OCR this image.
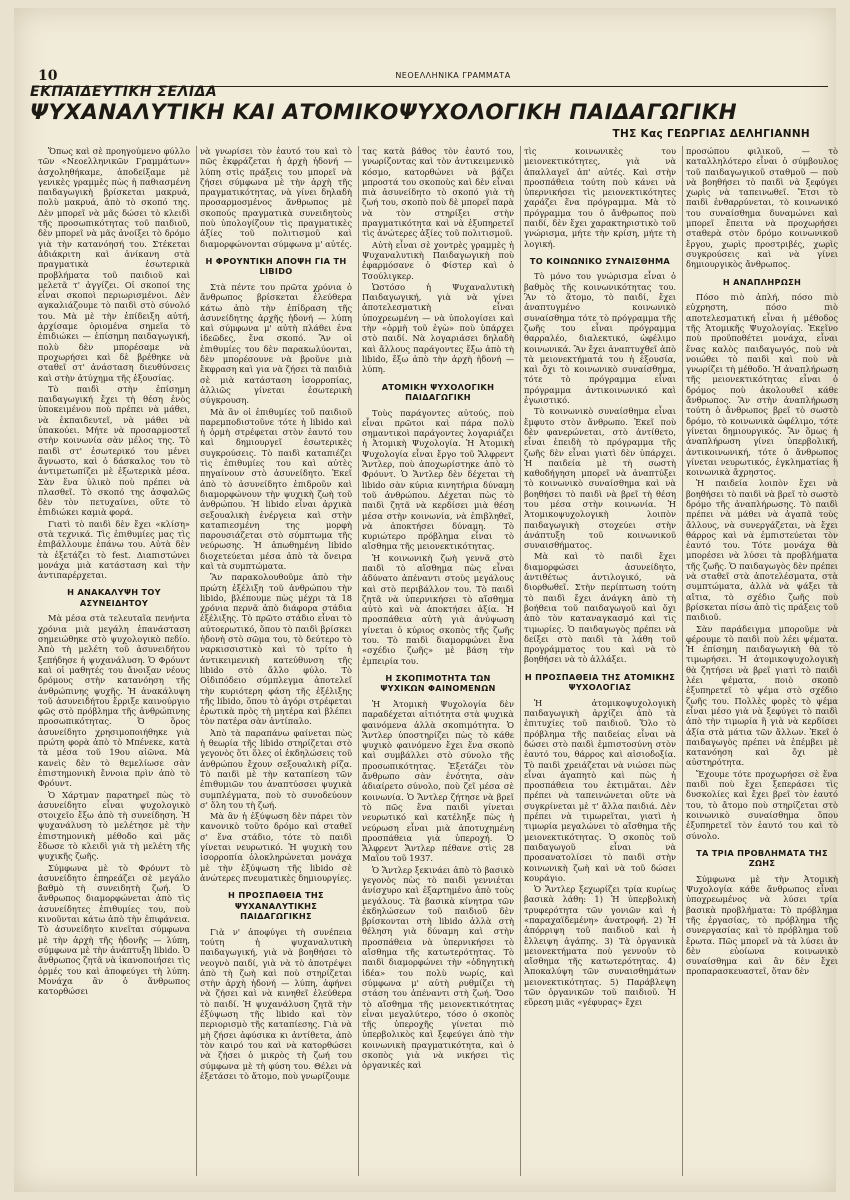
10	ΝΕΟΕΛΛΗΝΙΚΑ ΓΡΑΜΜΑΤΑ
ΕΚΠΑΙΔΕΥΤΙΚΗ ΣΕΛΙΔΑ
ΨΥΧΑΝΑΛΥΤΙΚΗ ΚΑΙ ΑΤΟΜΙΚΟΨΥΧΟΛΟΓΙΚΗ ΠΑΙΔΑΓΩΓΙΚΗ
ΤΗΣ Κας ΓΕΩΡΓΙΑΣ ΔΕΛΗΓΙΑΝΝΗ
Ὅπως καὶ σὲ προηγούμενο φύλλο τῶν «Νεοελληνικῶν Γραμμάτων» ἀσχοληθήκαμε, ἀποδείξαμε μὲ γενικὲς γραμμὲς πὼς ἡ παθιασμένη παιδαγωγικὴ βρίσκεται μακρυά, πολὺ μακρυά, ἀπὸ τὸ σκοπό της. Δὲν μπορεῖ νὰ μᾶς δώσει τὸ κλειδὶ τῆς προσωπικότητας τοῦ παιδιοῦ, δὲν μπορεῖ νὰ μᾶς ἀνοίξει τὸ δρόμο γιὰ τὴν κατανόησή του. Στέκεται ἀδιάκριτη καὶ ἀνίκανη στὰ πραγματικὰ ἐσωτερικὰ προβλήματα τοῦ παιδιοῦ καὶ μελετᾶ τ' ἀγγίζει. Οἱ σκοποί της εἶναι σκοποὶ περιωρισμένοι. Δὲν αγκαλιάζουμε τὸ παιδὶ στὸ σύνολό του. Μὰ μὲ τὴν ἐπίδειξη αὐτή, ἀρχίσαμε ὁριομένα σημεῖα τὸ ἐπιδιώκει — ἐπίσημη παιδαγωγική, πολὺ δὲν μπορέσαμε νὰ προχωρήσει καὶ δὲ βρέθηκε νὰ σταθεῖ στ' ἀνάσταση διευθύνσεις καὶ στὴν ἀτύχημα τῆς ἐξουσίας.
Τὸ παιδὶ στὴν ἐπίσημη παιδαγωγική ἔχει τὴ θέση ἑνὸς ὑποκειμένου ποὺ πρέπει νὰ μάθει, νὰ ἐκπαιδευτεῖ, νὰ μάθει νὰ ὑπακούει. Μήτε νὰ προσαρμοστεῖ στὴν κοινωνία σὰν μέλος της. Τὸ παιδὶ στ' ἐσωτερικό του μένει ἄγνωστο, καὶ ὁ δάσκαλος του τὸ ἀντιμετωπίζει μὲ ἐξωτερικὰ μέσα. Σὰν ἕνα ὑλικὸ ποὺ πρέπει νὰ πλασθεῖ. Τὸ σκοπό της ἀσφαλῶς δὲν τὸν πετυχαίνει, οὔτε τὸ ἐπιδιώκει καμιὰ φορά.
Γιατὶ τὸ παιδὶ δὲν ἔχει «κλίση» στὰ τεχνικά. Τὶς ἐπιθυμίες μας τὶς ἐπιβάλλουμε ἐπάνω του. Αὐτὰ δὲν τὰ ἐξετάζει τὸ fest. Διαπιστώνει μονάχα μιὰ κατάσταση καὶ τὴν ἀντιπαρέρχεται.
Η ΑΝΑΚΑΛΥΨΗ ΤΟΥ ΑΣΥΝΕΙΔΗΤΟΥ
Μὰ μέσα στὰ τελευταῖα πενήντα χρόνια μιὰ μεγάλη ἐπανάσταση σημειώθηκε στὸ ψυχολογικὸ πεδίο. Ἀπὸ τὴ μελέτη τοῦ ἀσυνειδήτου ξεπήδησε ἡ ψυχανάλυση. Ὁ Φρόυντ καὶ οἱ μαθητές του ἄνοιξαν νέους δρόμους στὴν κατανόηση τῆς ἀνθρώπινης ψυχῆς. Ἡ ἀνακάλυψη τοῦ ἀσυνειδήτου ἔρριξε καινούργιο φῶς στὸ πρόβλημα τῆς ἀνθρώπινης προσωπικότητας. Ὁ ὅρος ἀσυνείδητο χρησιμοποιήθηκε γιὰ πρώτη φορὰ ἀπὸ τὸ Μπένεκε, κατὰ τὰ μέσα τοῦ 19ου αἰῶνα. Μὰ κανεὶς δὲν τὸ θεμελίωσε σὰν ἐπιστημονικὴ ἔννοια πρὶν ἀπὸ τὸ Φρόυντ.
Ὁ Χάρτμαν παρατηρεῖ πὼς τὸ ἀσυνείδητο εἶναι ψυχολογικὸ στοιχεῖο ἔξω ἀπὸ τὴ συνείδηση. Ἡ ψυχανάλυση τὸ μελέτησε μὲ τὴν ἐπιστημονικὴ μέθοδο καὶ μᾶς ἔδωσε τὸ κλειδὶ γιὰ τὴ μελέτη τῆς ψυχικῆς ζωῆς.
Σύμφωνα μὲ τὸ Φρόυντ τὸ ἀσυνείδητο ἐπηρεάζει σὲ μεγάλο βαθμὸ τὴ συνειδητὴ ζωή. Ὁ ἄνθρωπος διαμορφώνεται ἀπὸ τὶς ἀσυνείδητες ἐπιθυμίες του, ποὺ κινοῦνται κάτω ἀπὸ τὴν ἐπιφάνεια. Τὸ ἀσυνείδητο κινεῖται σύμφωνα μὲ τὴν ἀρχὴ τῆς ἡδονῆς — λύπη, σύμφωνα μὲ τὴν ἀνάπτυξη libido. Ὁ ἄνθρωπος ζητᾶ νὰ ἱκανοποιήσει τὶς ὁρμές του καὶ ἀποφεύγει τὴ λύπη. Μονάχα ἂν ὁ ἄνθρωπος κατορθώσει
νὰ γνωρίσει τὸν ἑαυτό του καὶ τὸ πῶς ἐκφράζεται ἡ ἀρχὴ ἡδονή — λύπη στὶς πράξεις του μπορεῖ νὰ ζήσει σύμφωνα μὲ τὴν ἀρχὴ τῆς πραγματικότητας, νὰ γίνει δηλαδὴ προσαρμοσμένος ἄνθρωπος μὲ σκοπούς πραγματικὰ συνειδητοὺς ποὺ ὑπολογίζουν τὶς πραγματικὲς ἀξίες τοῦ πολιτισμοῦ καὶ διαμορφώνονται σύμφωνα μ' αὐτές.
Η ΦΡΟΥΝΤΙΚΗ ΑΠΟΨΗ ΓΙΑ ΤΗ LIBIDO
Στὰ πέντε του πρῶτα χρόνια ὁ ἄνθρωπος βρίσκεται ἐλεύθερα κάτω ἀπὸ τὴν ἐπίδραση τῆς ἀσυνείδητης ἀρχῆς ἡδονή — λύπη καὶ σύμφωνα μ' αὐτὴ πλάθει ἐνα ἰδεῶδες, ἕνα σκοπό. Ἂν οἱ ἐπιθυμίες του δὲν παρακωλύονται, δὲν μπορέσουνε νὰ βροῦνε μιὰ ἔκφραση καὶ για νὰ ζήσει τὰ παιδιὰ σὲ μιὰ κατάσταση ἰσορροπίας, ἀλλιῶς γίνεται ἐσωτερικὴ σύγκρουση.
Μὰ ἂν οἱ ἐπιθυμίες τοῦ παιδιοῦ παρεμποδιστοῦνε τότε ἡ libido καὶ ἡ ὁρμὴ στρέφεται στὸν ἑαυτό του καὶ δημιουργεῖ ἐσωτερικὲς συγκρούσεις. Τὸ παιδὶ καταπιέζει τὶς ἐπιθυμίες του καὶ αὐτὲς πηγαίνουν στὸ ἀσυνείδητο. Ἐκεῖ ἀπὸ τὸ ἀσυνείδητο ἐπιδροῦν καὶ διαμορφώνουν τὴν ψυχικὴ ζωὴ τοῦ ἀνθρώπου. Ἡ libido εἶναι ἀρχικὰ σεξουαλικὴ ἐνέργεια καὶ στὴν καταπιεσμένη της μορφὴ παρουσιάζεται στὸ σύμπτωμα τῆς νεύρωσης. Ἡ ἀπωθημένη libido διοχετεύεται μέσα ἀπὸ τὰ ὄνειρα καὶ τὰ συμπτώματα.
Ἂν παρακολουθοῦμε ἀπὸ τὴν πρώτη ἐξέλιξη τοῦ ἀνθρώπου τὴν libido, βλέπουμε πὼς μέχρι τὰ 18 χρόνια περνᾶ ἀπὸ διάφορα στάδια ἐξέλιξης. Τὸ πρῶτο στάδιο εἶναι τὸ αὐτοερωτικό, ὅπου τὸ παιδὶ βρίσκει ἡδονὴ στὸ σῶμα του, τὸ δεύτερο τὸ ναρκισσιστικὸ καὶ τὸ τρίτο ἡ ἀντικειμενικὴ κατεύθυνση τῆς libido στὸ ἄλλο φύλο. Τὸ Οἰδιπόδειο σύμπλεγμα ἀποτελεῖ τὴν κυριότερη φάση τῆς ἐξέλιξης τῆς libido, ὅπου τὸ ἀγόρι στρέφεται ἐρωτικὰ πρὸς τὴ μητέρα καὶ βλέπει τὸν πατέρα σὰν ἀντίπαλο.
Ἀπὸ τὰ παραπάνω φαίνεται πὼς ἡ θεωρία τῆς libido στηρίζεται στὸ γεγονὸς ὅτι ὅλες οἱ ἐκδηλώσεις τοῦ ἀνθρώπου ἔχουν σεξουαλικὴ ρίζα. Τὸ παιδὶ μὲ τὴν καταπίεση τῶν ἐπιθυμιῶν του ἀναπτύσσει ψυχικὰ συμπλέγματα, ποὺ τὸ συνοδεύουν σ' ὅλη του τὴ ζωή.
Μὰ ἂν ἡ ἐξύψωση δὲν πάρει τὸν κανονικὸ τοῦτο δρόμο καὶ σταθεῖ σ' ἕνα στάδιο, τότε τὸ παιδὶ γίνεται νευρωτικό. Ἡ ψυχικὴ του ἰσορροπία ὁλοκληρώνεται μονάχα μὲ τὴν ἐξύψωση τῆς libido σὲ ἀνώτερες πνευματικὲς δημιουργίες.
Η ΠΡΟΣΠΑΘΕΙΑ ΤΗΣ ΨΥΧΑΝΑΛΥΤΙΚΗΣ ΠΑΙΔΑΓΩΓΙΚΗΣ
Γιὰ ν' ἀποφύγει τὴ συνέπεια τούτη ἡ ψυχαναλυτικὴ παιδαγωγική, γιὰ νὰ βοηθήσει τὸ νεογνὸ παιδί, γιὰ νὰ τὸ ἀποτρέψει ἀπὸ τὴ ζωὴ καὶ ποὺ στηρίζεται στὴν ἀρχὴ ἡδονή — λύπη, ἀφήνει νὰ ζήσει καὶ νὰ κινηθεῖ ἐλεύθερα τὸ παιδί. Ἡ ψυχανάλυση ζητᾶ τὴν ἐξύψωση τῆς libido καὶ τὸν περιορισμὸ τῆς καταπίεσης. Γιὰ νὰ μὴ ζήσει ἀφύσικα κι ἀντίθετα, ἀπὸ τὸν καιρό του καὶ νὰ κατορθώσει νὰ ζήσει ὁ μικρὸς τὴ ζωή του σύμφωνα μὲ τὴ φύση του. Θέλει νὰ ἐξετάσει τὸ ἄτομο, ποὺ γνωρίζουμε
τας κατὰ βάθος τὸν ἑαυτό του, γνωρίζοντας καὶ τὸν ἀντικειμενικὸ κόσμο, κατορθώνει νὰ βάζει μπροστά του σκοποὺς καὶ δὲν εἶναι πιὰ ἀσυνείδητο τὸ σκοπό γιὰ τὴ ζωή του, σκοπὸ ποὺ δὲ μπορεῖ παρὰ νὰ τὸν στηρίξει στὴν πραγματικότητα καὶ νὰ ἐξυπηρετεῖ τὶς ἀνώτερες ἀξίες τοῦ πολιτισμοῦ.
Αὐτὴ εἶναι σὲ χοντρὲς γραμμὲς ἡ Ψυχαναλυτικὴ Παιδαγωγικὴ ποὺ ἐφαρμόσανε ὁ Φίστερ καὶ ὁ Τσούλιγκερ.
Ὡστόσο ἡ Ψυχαναλυτικὴ Παιδαγωγική, γιὰ νὰ γίνει ἀποτελεσματικὴ εἶναι ὑποχρεωμένη — νὰ ὑπολογίσει καὶ τὴν «ὁρμὴ τοῦ ἐγὼ» ποὺ ὑπάρχει στὸ παιδί. Νὰ λογαριάσει δηλαδὴ καὶ ἄλλους παράγοντες ἔξω ἀπὸ τὴ libido, ἔξω ἀπὸ τὴν ἀρχὴ ἡδονή — λύπη.
ΑΤΟΜΙΚΗ ΨΥΧΟΛΟΓΙΚΗ ΠΑΙΔΑΓΩΓΙΚΗ
Τοὺς παράγοντες αὐτούς, ποὺ εἶναι πρῶτοι καὶ πάρα πολὺ σημαντικοὶ παράγοντες λογαριάζει ἡ Ἀτομικὴ Ψυχολογία. Ἡ Ἀτομικὴ Ψυχολογία εἶναι ἔργο τοῦ Ἄλφρεντ Ἄντλερ, ποὺ ἀποχωρίστηκε ἀπὸ τὸ Φρόυντ. Ὁ Ἄντλερ δὲν δέχεται τὴ libido σὰν κύρια κινητήρια δύναμη τοῦ ἀνθρώπου. Δέχεται πὼς τὸ παιδὶ ζητᾶ νὰ κερδίσει μιὰ θέση μέσα στὴν κοινωνία, νὰ ἐπιβληθεῖ, νὰ ἀποκτήσει δύναμη. Τὸ κυριώτερο πρόβλημα εἶναι τὸ αἴσθημα τῆς μειονεκτικότητας.
Ἡ κοινωνικὴ ζωὴ γεννᾶ στὸ παιδὶ τὸ αἴσθημα πὼς εἶναι ἀδύνατο ἀπέναντι στοὺς μεγάλους καὶ στὸ περιβάλλον του. Τὸ παιδὶ ζητᾶ νὰ ὑπερνικήσει τὸ αἴσθημα αὐτὸ καὶ νὰ ἀποκτήσει ἀξία. Ἡ προσπάθεια αὐτὴ γιὰ ἀνύψωση γίνεται ὁ κύριος σκοπὸς τῆς ζωῆς του. Τὸ παιδὶ διαμορφώνει ἕνα «σχέδιο ζωῆς» μὲ βάση τὴν ἐμπειρία του.
Η ΣΚΟΠΙΜΟΤΗΤΑ ΤΩΝ ΨΥΧΙΚΩΝ ΦΑΙΝΟΜΕΝΩΝ
Ἡ Ἀτομικὴ Ψυχολογία δὲν παραδέχεται αἰτιότητα στὰ ψυχικὰ φαινόμενα ἀλλὰ σκοπιμότητα. Ὁ Ἄντλερ ὑποστηρίζει πὼς τὸ κάθε ψυχικὸ φαινόμενο ἔχει ἕνα σκοπὸ καὶ συμβάλλει στὸ σύνολο τῆς προσωπικότητας. Ἐξετάζει τὸν ἄνθρωπο σὰν ἑνότητα, σὰν ἀδιαίρετο σύνολο, ποὺ ζεῖ μέσα σὲ κοινωνία. Ὁ Ἄντλερ ζήτησε νὰ βρεῖ τὸ πῶς ἕνα παιδὶ γίνεται νευρωτικό καὶ κατέληξε πὼς ἡ νεύρωση εἶναι μιὰ ἀποτυχημένη προσπάθεια γιὰ ὑπεροχή. Ὁ Ἄλφρεντ Ἄντλερ πέθανε στὶς 28 Μαΐου τοῦ 1937.
Ὁ Ἄντλερ ξεκινάει ἀπὸ τὸ βασικὸ γεγονὸς πὼς τὸ παιδὶ γεννιέται ἀνίσχυρο καὶ ἐξαρτημένο ἀπὸ τοὺς μεγάλους. Τὰ βασικὰ κίνητρα τῶν ἐκδηλώσεων τοῦ παιδιοῦ δὲν βρίσκονται στὴ libido ἀλλὰ στὴ θέληση γιὰ δύναμη καὶ στὴν προσπάθεια νὰ ὑπερνικήσει τὸ αἴσθημα τῆς κατωτερότητας. Τὸ παιδὶ διαμορφώνει τὴν «ὁδηγητικὴ ἰδέα» του πολὺ νωρίς, καὶ σύμφωνα μ' αὐτὴ ρυθμίζει τὴ στάση του ἀπέναντι στὴ ζωή. Ὅσο τὸ αἴσθημα τῆς μειονεκτικότητας εἶναι μεγαλύτερο, τόσο ὁ σκοπὸς τῆς ὑπεροχῆς γίνεται πιὸ ὑπερβολικὸς καὶ ξεφεύγει ἀπὸ τὴν κοινωνικὴ πραγματικότητα, καὶ ὁ σκοπὸς γιὰ νὰ νικήσει τὶς ὀργανικές καὶ
τὶς κοινωνικὲς του μειονεκτικότητες, γιὰ νὰ ἀπαλλαγεῖ ἀπ' αὐτές. Καὶ στὴν προσπάθεια τούτη ποὺ κάνει νὰ ὑπερνικήσει τὶς μειονεκτικότητες χαράζει ἕνα πρόγραμμα. Μὰ τὸ πρόγραμμα του ὁ ἄνθρωπος ποὺ παιδί, δὲν ἔχει χαρακτηριστικὸ τοῦ γνώρισμα, μήτε τὴν κρίση, μήτε τὴ λογική.
ΤΟ ΚΟΙΝΩΝΙΚΟ ΣΥΝΑΙΣΘΗΜΑ
Τὸ μόνο του γνώρισμα εἶναι ὁ βαθμὸς τῆς κοινωνικότητας του. Ἂν τὸ ἄτομο, τὸ παιδί, ἔχει ἀναπτυγμένο κοινωνικὸ συναίσθημα τότε τὸ πρόγραμμα τῆς ζωῆς του εἶναι πρόγραμμα θαρραλέο, διαλεκτικό, ὠφέλιμο κοινωνικά. Ἂν ἔχει ἀναπτυχθεῖ ἀπὸ τὰ μειονεκτήματά του ἡ ἐξουσία, καὶ ὄχι τὸ κοινωνικὸ συναίσθημα, τότε τὸ πρόγραμμα εἶναι πρόγραμμα ἀντικοινωνικό καὶ ἐγωιστικό.
Τὸ κοινωνικὸ συναίσθημα εἶναι ἔμφυτο στὸν ἄνθρωπο. Ἐκεῖ ποὺ δὲν φανερώνεται, στὸ ἀντίθετο, εἶναι ἐπειδὴ τὸ πρόγραμμα τῆς ζωῆς δὲν εἶναι γιατὶ δὲν ὑπάρχει. Ἡ παιδεία μὲ τὴ σωστὴ καθοδήγηση μπορεῖ νὰ ἀναπτύξει τὸ κοινωνικὸ συναίσθημα καὶ νὰ βοηθήσει τὸ παιδὶ νὰ βρεῖ τὴ θέση του μέσα στὴν κοινωνία. Ἡ Ἀτομικοψυχολογικὴ λοιπὸν παιδαγωγικὴ στοχεύει στὴν ἀνάπτυξη τοῦ κοινωνικοῦ συναισθήματος.
Μὰ καὶ τὸ παιδὶ ἔχει διαμορφώσει ἀσυνείδητο, ἀντιθέτως ἀντιλογικό, νὰ διορθωθεῖ. Στὴν περίπτωση τούτη τὸ παιδὶ ἔχει ἀνάγκη ἀπὸ τὴ βοήθεια τοῦ παιδαγωγοῦ καὶ ὄχι ἀπὸ τὸν καταναγκασμό καὶ τὶς τιμωρίες. Ὁ παιδαγωγὸς πρέπει νὰ δείξει στὸ παιδὶ τὰ λάθη τοῦ προγράμματος του καὶ νὰ τὸ βοηθήσει νὰ τὸ ἀλλάξει.
Η ΠΡΟΣΠΑΘΕΙΑ ΤΗΣ ΑΤΟΜΙΚΗΣ ΨΥΧΟΛΟΓΙΑΣ
Ἡ ἀτομικοψυχολογικὴ παιδαγωγικὴ ἀρχίζει ἀπὸ τὰ ἐπιτυχίες τοῦ παιδιοῦ. Ὅλο τὸ πρόβλημα τῆς παιδείας εἶναι νὰ δώσει στὸ παιδὶ ἐμπιστοσύνη στὸν ἑαυτό του, θάρρος καὶ αἰσιοδοξία. Τὸ παιδὶ χρειάζεται νὰ νιώσει πὼς εἶναι ἀγαπητὸ καὶ πὼς ἡ προσπάθεια του ἐκτιμᾶται. Δὲν πρέπει νὰ ταπεινώνεται οὔτε νὰ συγκρίνεται μὲ τ' ἄλλα παιδιά. Δὲν πρέπει νὰ τιμωρεῖται, γιατὶ ἡ τιμωρία μεγαλώνει τὸ αἴσθημα τῆς μειονεκτικότητας. Ὁ σκοπὸς τοῦ παιδαγωγοῦ εἶναι νὰ προσανατολίσει τὸ παιδὶ στὴν κοινωνικὴ ζωὴ καὶ νὰ τοῦ δώσει κουράγιο.
Ὁ Ἄντλερ ξεχωρίζει τρία κυρίως βασικὰ λάθη: 1) Ἡ ὑπερβολικὴ τρυφερότητα τῶν γονιῶν καὶ ἡ «παραχαϊδεμένη» ἀνατροφή. 2) Ἡ ἀπόρριψη τοῦ παιδιοῦ καὶ ἡ ἔλλειψη ἀγάπης. 3) Τὰ ὀργανικὰ μειονεκτήματα ποὺ γεννοῦν τὸ αἴσθημα τῆς κατωτερότητας. 4) Ἀποκαλύψη τῶν συναισθημάτων μειονεκτικότητας. 5) Παράβλεψη τῶν ὀργανικῶν τοῦ παιδιοῦ. Ἡ εὕρεση μιᾶς «γέφυρας» ἔχει
προσώπου φιλικοῦ, — τὸ καταλληλότερο εἶναι ὁ σύμβουλος τοῦ παιδαγωγικοῦ σταθμοῦ — ποὺ νὰ βοηθήσει τὸ παιδὶ νὰ ξεφύγει χωρὶς νὰ ταπεινωθεῖ. Ἔτσι τὸ παιδὶ ἐνθαρρύνεται, τὸ κοινωνικό του συναίσθημα δυναμώνει καὶ μπορεῖ ἔπειτα νὰ προχωρήσει σταθερὰ στὸν δρόμο κοινωνικοῦ ἔργου, χωρὶς προστριβές, χωρὶς συγκρούσεις καὶ νὰ γίνει δημιουργικὸς ἄνθρωπος.
Η ΑΝΑΠΛΗΡΩΣΗ
Πόσο πιὸ ἁπλή, πόσο πιὸ εὐχρηστη, πόσο πιὸ αποτελεσματική εἶναι ἡ μέθοδος τῆς Ἀτομικῆς Ψυχολογίας. Ἐκεῖνο ποὺ προϋποθέτει μονάχα, εἶναι ἕνας καλὸς παιδαγωγός, ποὺ νὰ νοιώθει τὸ παιδὶ καὶ ποὺ νὰ γνωρίζει τὴ μέθοδο. Ἡ ἀναπλήρωση τῆς μειονεκτικότητας εἶναι ὁ δρόμος ποὺ ἀκολουθεῖ κάθε ἄνθρωπος. Ἂν στὴν ἀναπλήρωση τούτη ὁ ἄνθρωπος βρεῖ τὸ σωστὸ δρόμο, τὸ κοινωνικὰ ὠφέλιμο, τότε γίνεται δημιουργικός. Ἂν ὅμως ἡ ἀναπλήρωση γίνει ὑπερβολική, ἀντικοινωνική, τότε ὁ ἄνθρωπος γίνεται νευρωτικός, ἐγκληματίας ἢ κοινωνικὰ ἄχρηστος.
Ἡ παιδεία λοιπὸν ἔχει νὰ βοηθήσει τὸ παιδὶ νὰ βρεῖ τὸ σωστὸ δρόμο τῆς ἀναπλήρωσης. Τὸ παιδὶ πρέπει νὰ μάθει νὰ ἀγαπᾶ τοὺς ἄλλους, νὰ συνεργάζεται, νὰ ἔχει θάρρος καὶ νὰ ἐμπιστεύεται τὸν ἑαυτό του. Τότε μονάχα θὰ μπορέσει νὰ λύσει τὰ προβλήματα τῆς ζωῆς. Ὁ παιδαγωγὸς δὲν πρέπει νὰ σταθεῖ στὰ ἀποτελέσματα, στὰ συμπτώματα, ἀλλὰ νὰ ψάξει τὰ αἴτια, τὸ σχέδιο ζωῆς ποὺ βρίσκεται πίσω ἀπὸ τὶς πράξεις τοῦ παιδιοῦ.
Σὰν παράδειγμα μποροῦμε νὰ φέρουμε τὸ παιδὶ ποὺ λέει ψέματα. Ἡ ἐπίσημη παιδαγωγικὴ θὰ τὸ τιμωρήσει. Ἡ ἀτομικοψυχολογικὴ θὰ ζητήσει νὰ βρεῖ γιατὶ τὸ παιδὶ λέει ψέματα, ποιὸ σκοπὸ ἐξυπηρετεῖ τὸ ψέμα στὸ σχέδιο ζωῆς του. Πολλὲς φορὲς τὸ ψέμα εἶναι μέσο γιὰ νὰ ξεφύγει τὸ παιδὶ ἀπὸ τὴν τιμωρία ἢ γιὰ νὰ κερδίσει ἀξία στὰ μάτια τῶν ἄλλων. Ἐκεῖ ὁ παιδαγωγὸς πρέπει νὰ ἐπέμβει μὲ κατανόηση καὶ ὄχι μὲ αὐστηρότητα.
Ἔχουμε τότε προχωρήσει σὲ ἕνα παιδὶ ποὺ ἔχει ξεπεράσει τὶς δυσκολίες καὶ ἔχει βρεῖ τὸν ἑαυτό του, τὸ ἄτομο ποὺ στηρίζεται στὸ κοινωνικὸ συναίσθημα ὅπου ἐξυπηρετεῖ τὸν ἑαυτό του καὶ τὸ σύνολο.
ΤΑ ΤΡΙΑ ΠΡΟΒΛΗΜΑΤΑ ΤΗΣ ΖΩΗΣ
Σύμφωνα μὲ τὴν Ἀτομικὴ Ψυχολογία κάθε ἄνθρωπος εἶναι ὑποχρεωμένος νὰ λύσει τρία βασικὰ προβλήματα: Τὸ πρόβλημα τῆς ἐργασίας, τὸ πρόβλημα τῆς συνεργασίας καὶ τὸ πρόβλημα τοῦ ἔρωτα. Πῶς μπορεῖ νὰ τὰ λύσει ἀν δὲν εὐοίωνα κοινωνικὸ συναίσθημα καὶ ἂν δὲν ἔχει προπαρασκευαστεῖ, ὅταν δὲν
